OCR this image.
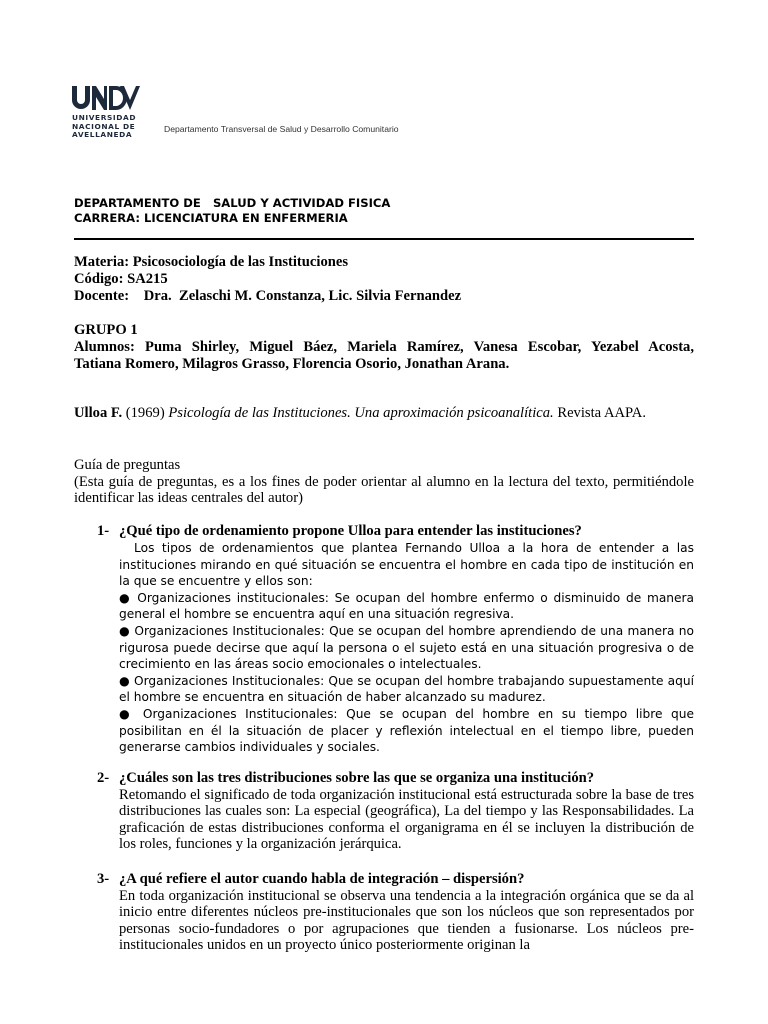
UNIVERSIDAD
NACIONAL DE
AVELLANEDA
Departamento Transversal de Salud y Desarrollo Comunitario
DEPARTAMENTO DE   SALUD Y ACTIVIDAD FISICA
CARRERA: LICENCIATURA EN ENFERMERIA
Materia: Psicosociología de las Instituciones
Código: SA215
Docente:    Dra.  Zelaschi M. Constanza, Lic. Silvia Fernandez
GRUPO 1
Alumnos: Puma Shirley, Miguel Báez, Mariela Ramírez, Vanesa Escobar, Yezabel Acosta,
Tatiana Romero, Milagros Grasso, Florencia Osorio, Jonathan Arana.
Ulloa F. (1969) Psicología de las Instituciones. Una aproximación psicoanalítica. Revista AAPA.
Guía de preguntas
(Esta guía de preguntas, es a los fines de poder orientar al alumno en la lectura del texto, permitiéndole identificar las ideas centrales del autor)
1- ¿Qué tipo de ordenamiento propone Ulloa para entender las instituciones?
Los tipos de ordenamientos que plantea Fernando Ulloa a la hora de entender a las instituciones mirando en qué situación se encuentra el hombre en cada tipo de institución en la que se encuentre y ellos son:
● Organizaciones institucionales: Se ocupan del hombre enfermo o disminuido de manera general el hombre se encuentra aquí en una situación regresiva.
● Organizaciones Institucionales: Que se ocupan del hombre aprendiendo de una manera no rigurosa puede decirse que aquí la persona o el sujeto está en una situación progresiva o de crecimiento en las áreas socio emocionales o intelectuales.
● Organizaciones Institucionales: Que se ocupan del hombre trabajando supuestamente aquí el hombre se encuentra en situación de haber alcanzado su madurez.
● Organizaciones Institucionales: Que se ocupan del hombre en su tiempo libre que posibilitan en él la situación de placer y reflexión intelectual en el tiempo libre, pueden generarse cambios individuales y sociales.
2- ¿Cuáles son las tres distribuciones sobre las que se organiza una institución?
Retomando el significado de toda organización institucional está estructurada sobre la base de tres distribuciones las cuales son: La especial (geográfica), La del tiempo y las Responsabilidades. La graficación de estas distribuciones conforma el organigrama en él se incluyen la distribución de los roles, funciones y la organización jerárquica.
3- ¿A qué refiere el autor cuando habla de integración – dispersión?
En toda organización institucional se observa una tendencia a la integración orgánica que se da al inicio entre diferentes núcleos pre-institucionales que son los núcleos que son representados por personas socio-fundadores o por agrupaciones que tienden a fusionarse. Los núcleos pre-institucionales unidos en un proyecto único posteriormente originan la
